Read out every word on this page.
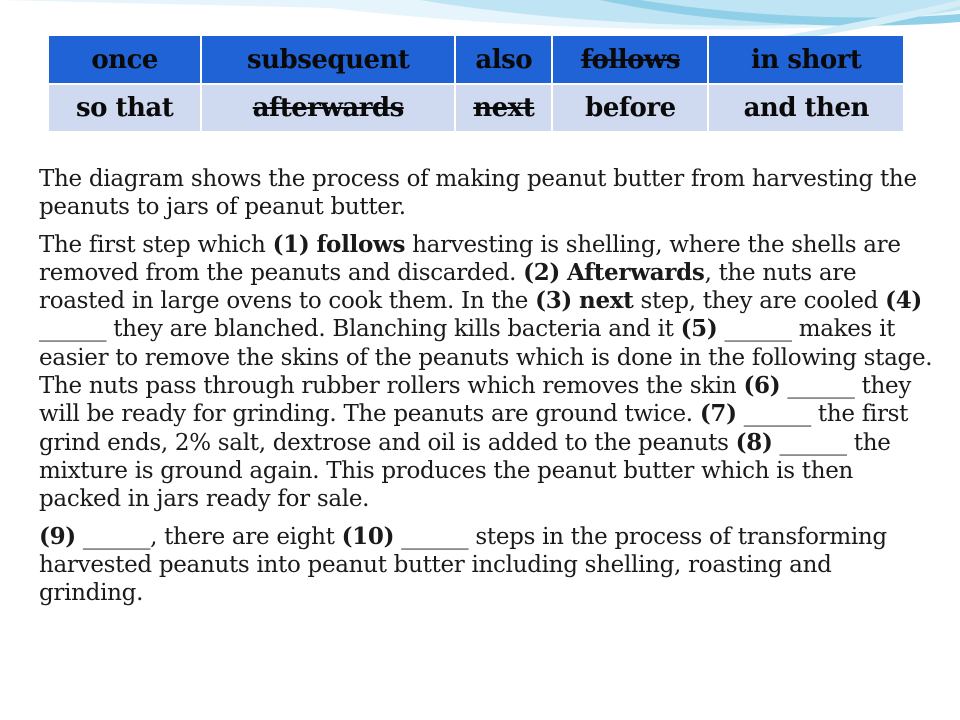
once	subsequent	also	follows	in short
so that	afterwards	next	before	and then

The diagram shows the process of making peanut butter from harvesting the peanuts to jars of peanut butter.

The first step which (1) follows harvesting is shelling, where the shells are removed from the peanuts and discarded. (2) Afterwards, the nuts are roasted in large ovens to cook them. In the (3) next step, they are cooled (4) ______ they are blanched. Blanching kills bacteria and it (5) ______ makes it easier to remove the skins of the peanuts which is done in the following stage. The nuts pass through rubber rollers which removes the skin (6) ______ they will be ready for grinding. The peanuts are ground twice. (7) ______ the first grind ends, 2% salt, dextrose and oil is added to the peanuts (8) ______ the mixture is ground again. This produces the peanut butter which is then packed in jars ready for sale.

(9) ______, there are eight (10) ______ steps in the process of transforming harvested peanuts into peanut butter including shelling, roasting and grinding.
